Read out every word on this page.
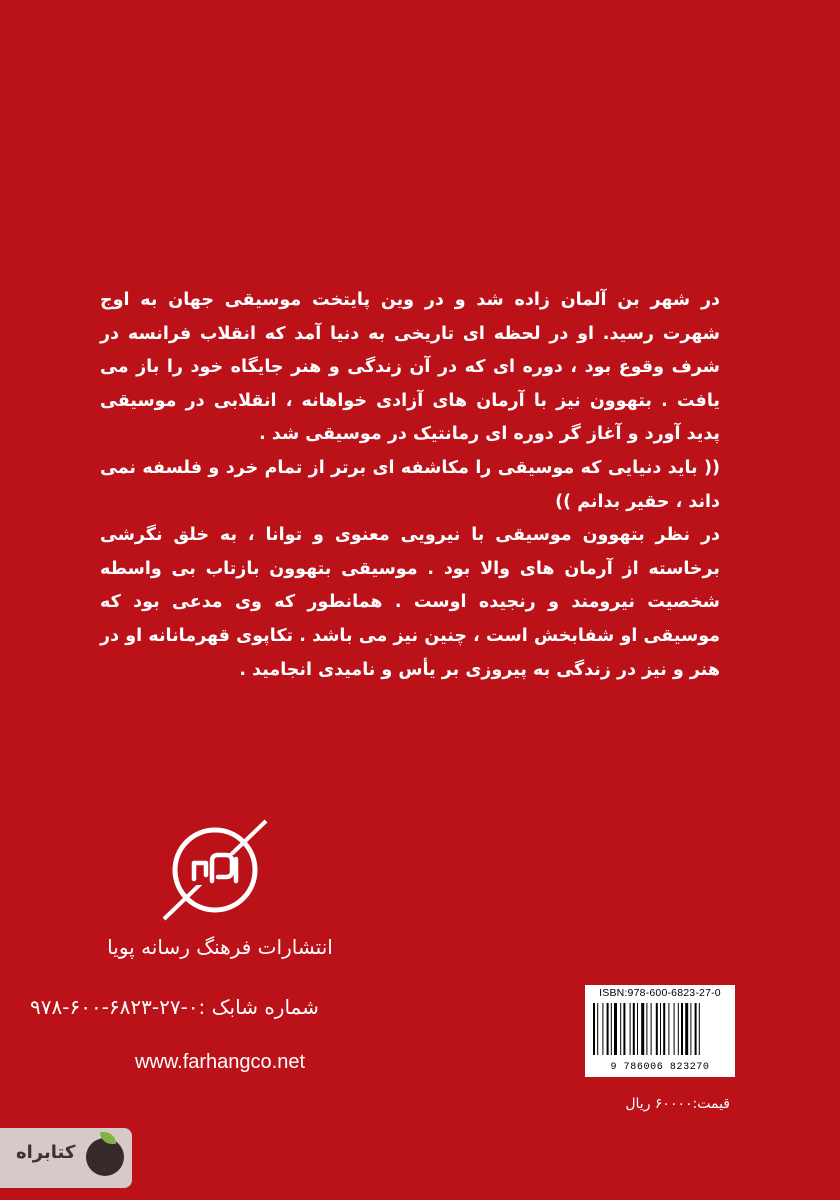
در شهر بن آلمان زاده شد و در وین پایتخت موسیقی جهان به اوج شهرت رسید. او در لحظه ای تاریخی به دنیا آمد که انقلاب فرانسه در شرف وقوع بود ، دوره ای که در آن زندگی و هنر جایگاه خود را باز می یافت . بتهوون نیز با آرمان های آزادی خواهانه ، انقلابی در موسیقی پدید آورد و آغاز گر دوره ای رمانتیک در موسیقی شد .

(( باید دنیایی که موسیقی را مکاشفه ای برتر از تمام خرد و فلسفه نمی داند ، حقیر بدانم ))

در نظر بتهوون موسیقی با نیرویی معنوی و توانا ، به خلق نگرشی برخاسته از آرمان های والا بود . موسیقی بتهوون بازتاب بی واسطه شخصیت نیرومند و رنجیده اوست . همانطور که وی مدعی بود که موسیقی او شفابخش است ، چنین نیز می باشد . تکاپوی قهرمانانه او در هنر و نیز در زندگی به پیروزی بر یأس و نامیدی انجامید .

انتشارات فرهنگ رسانه پویا
شماره شابک :۰-۲۷-۶۸۲۳-۶۰۰-۹۷۸
www.farhangco.net
ISBN:978-600-6823-27-0
9 786006 823270
قیمت:۶۰۰۰۰ ریال
کتابراه
